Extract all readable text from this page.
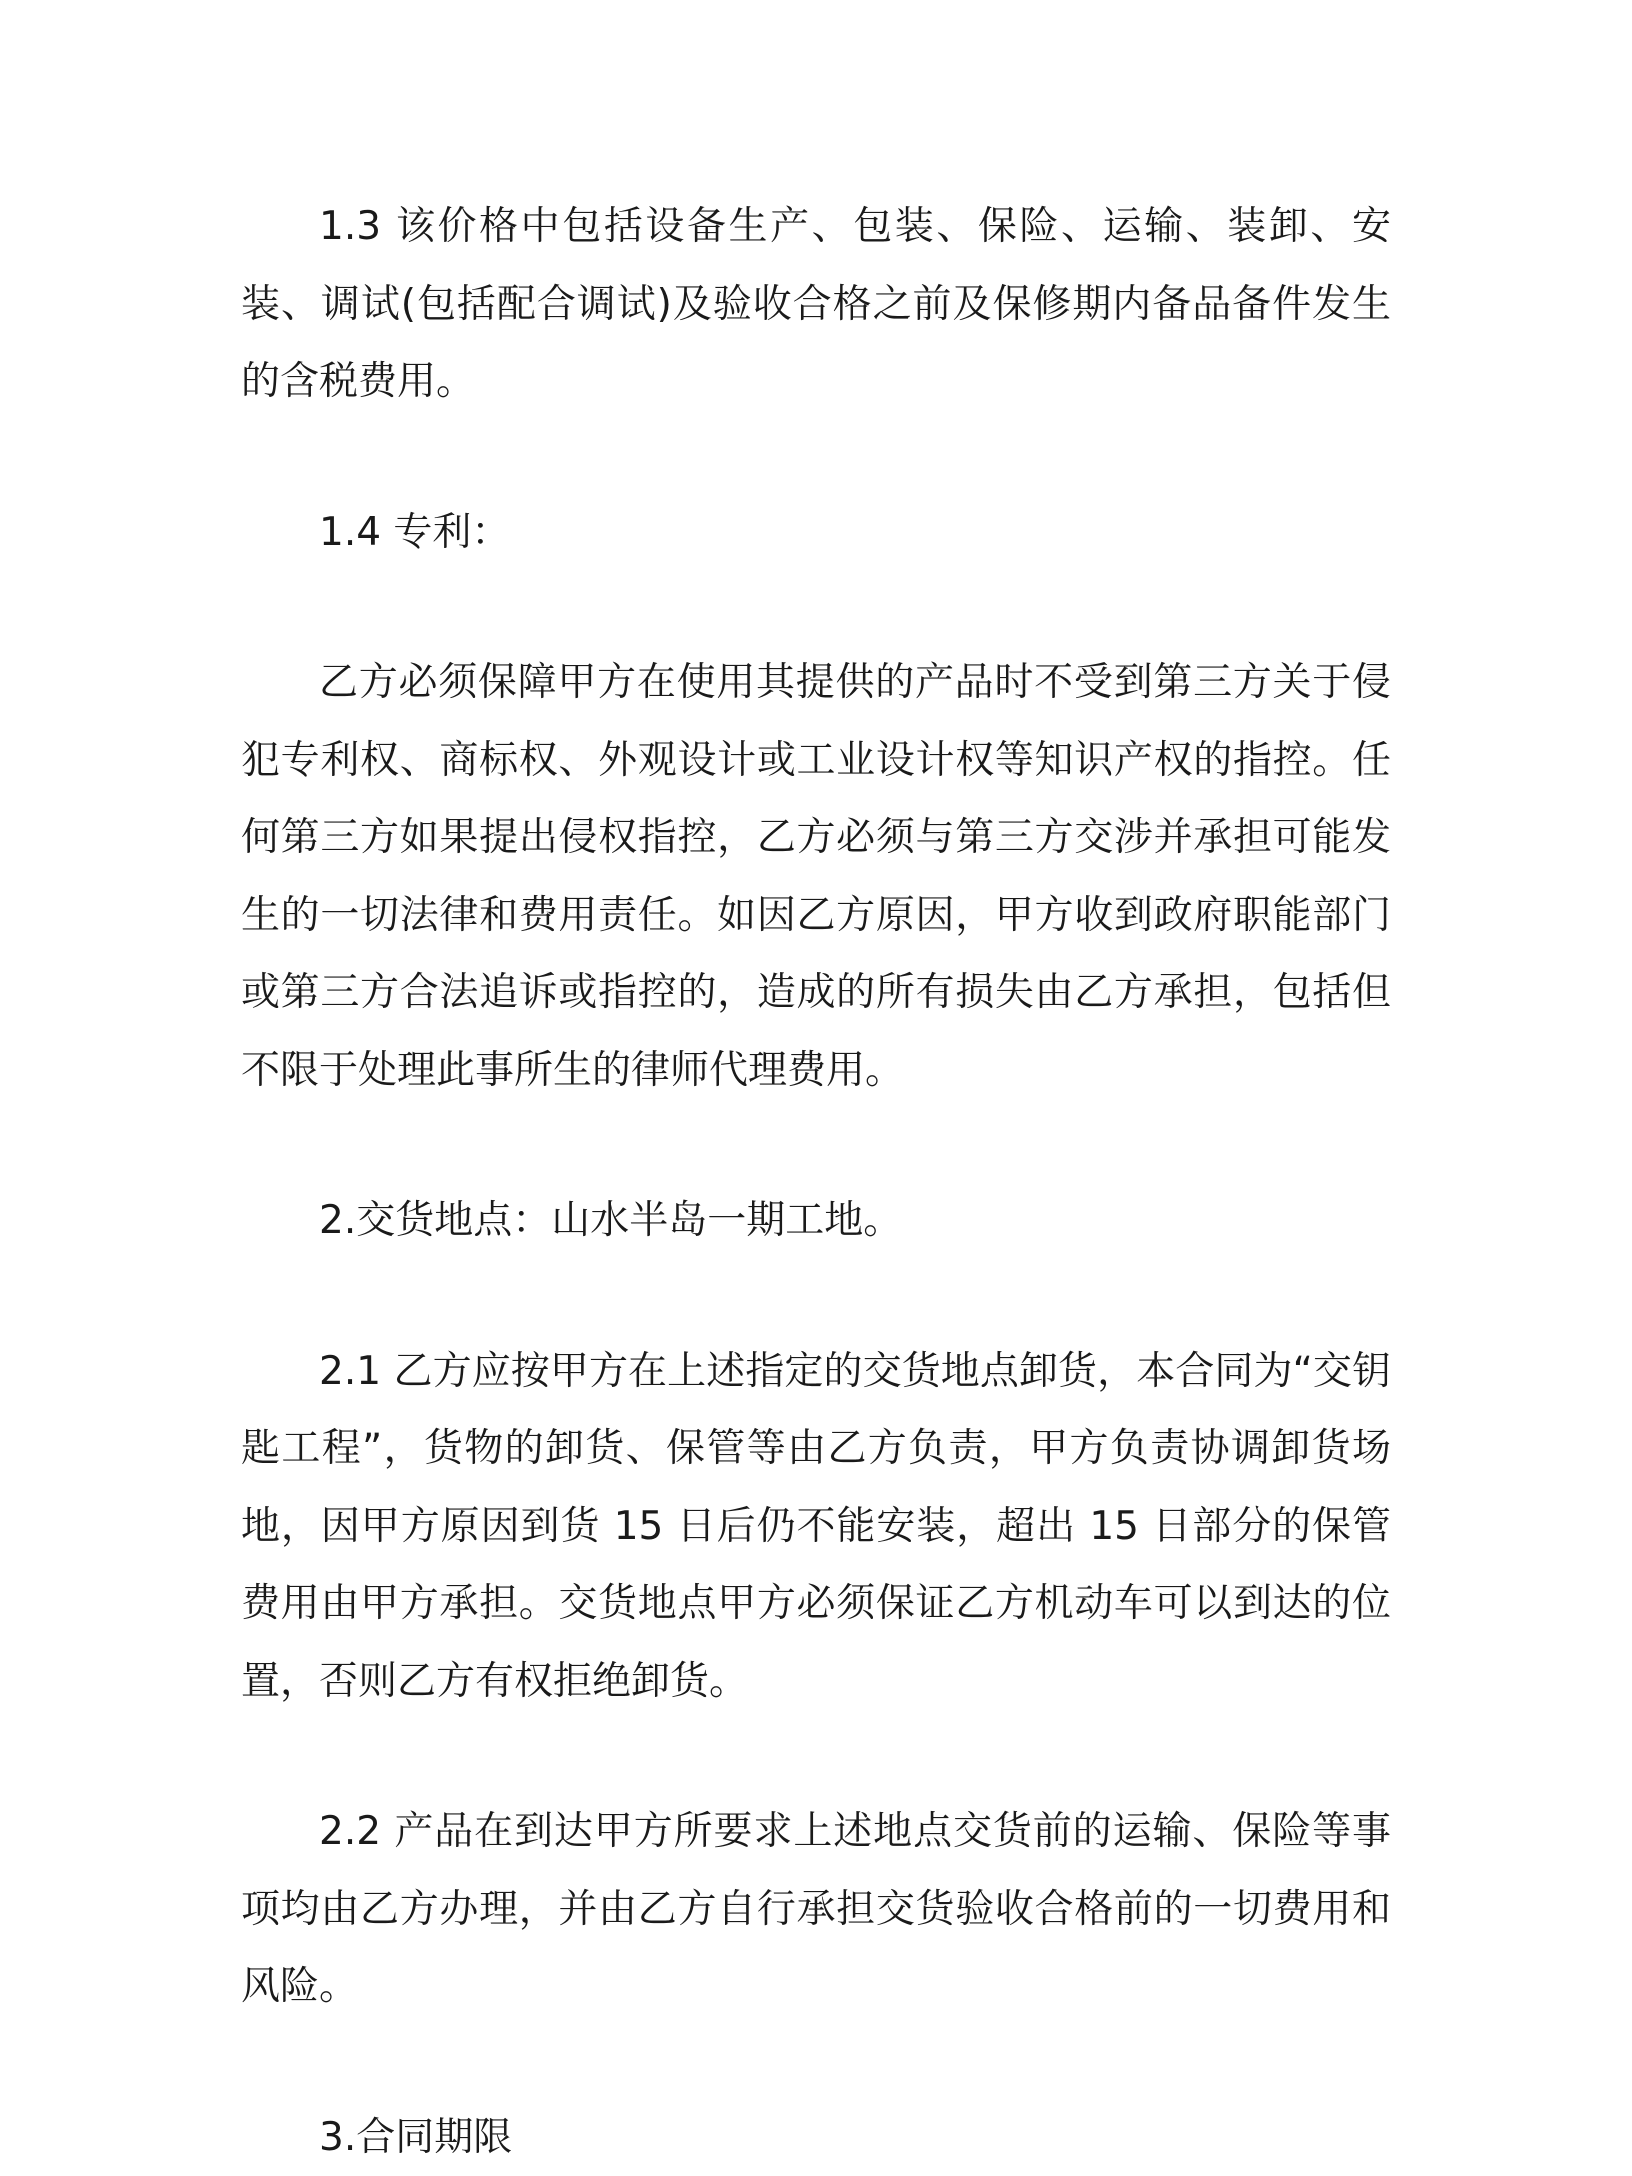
1.3 该价格中包括设备生产、包装、保险、运输、装卸、安装、调试(包括配合调试)及验收合格之前及保修期内备品备件发生的含税费用。

1.4 专利：

乙方必须保障甲方在使用其提供的产品时不受到第三方关于侵犯专利权、商标权、外观设计或工业设计权等知识产权的指控。任何第三方如果提出侵权指控，乙方必须与第三方交涉并承担可能发生的一切法律和费用责任。如因乙方原因，甲方收到政府职能部门或第三方合法追诉或指控的，造成的所有损失由乙方承担，包括但不限于处理此事所生的律师代理费用。

2.交货地点：山水半岛一期工地。

2.1 乙方应按甲方在上述指定的交货地点卸货，本合同为“交钥匙工程”，货物的卸货、保管等由乙方负责，甲方负责协调卸货场地，因甲方原因到货 15 日后仍不能安装，超出 15 日部分的保管费用由甲方承担。交货地点甲方必须保证乙方机动车可以到达的位置，否则乙方有权拒绝卸货。

2.2 产品在到达甲方所要求上述地点交货前的运输、保险等事项均由乙方办理，并由乙方自行承担交货验收合格前的一切费用和风险。

3.合同期限
